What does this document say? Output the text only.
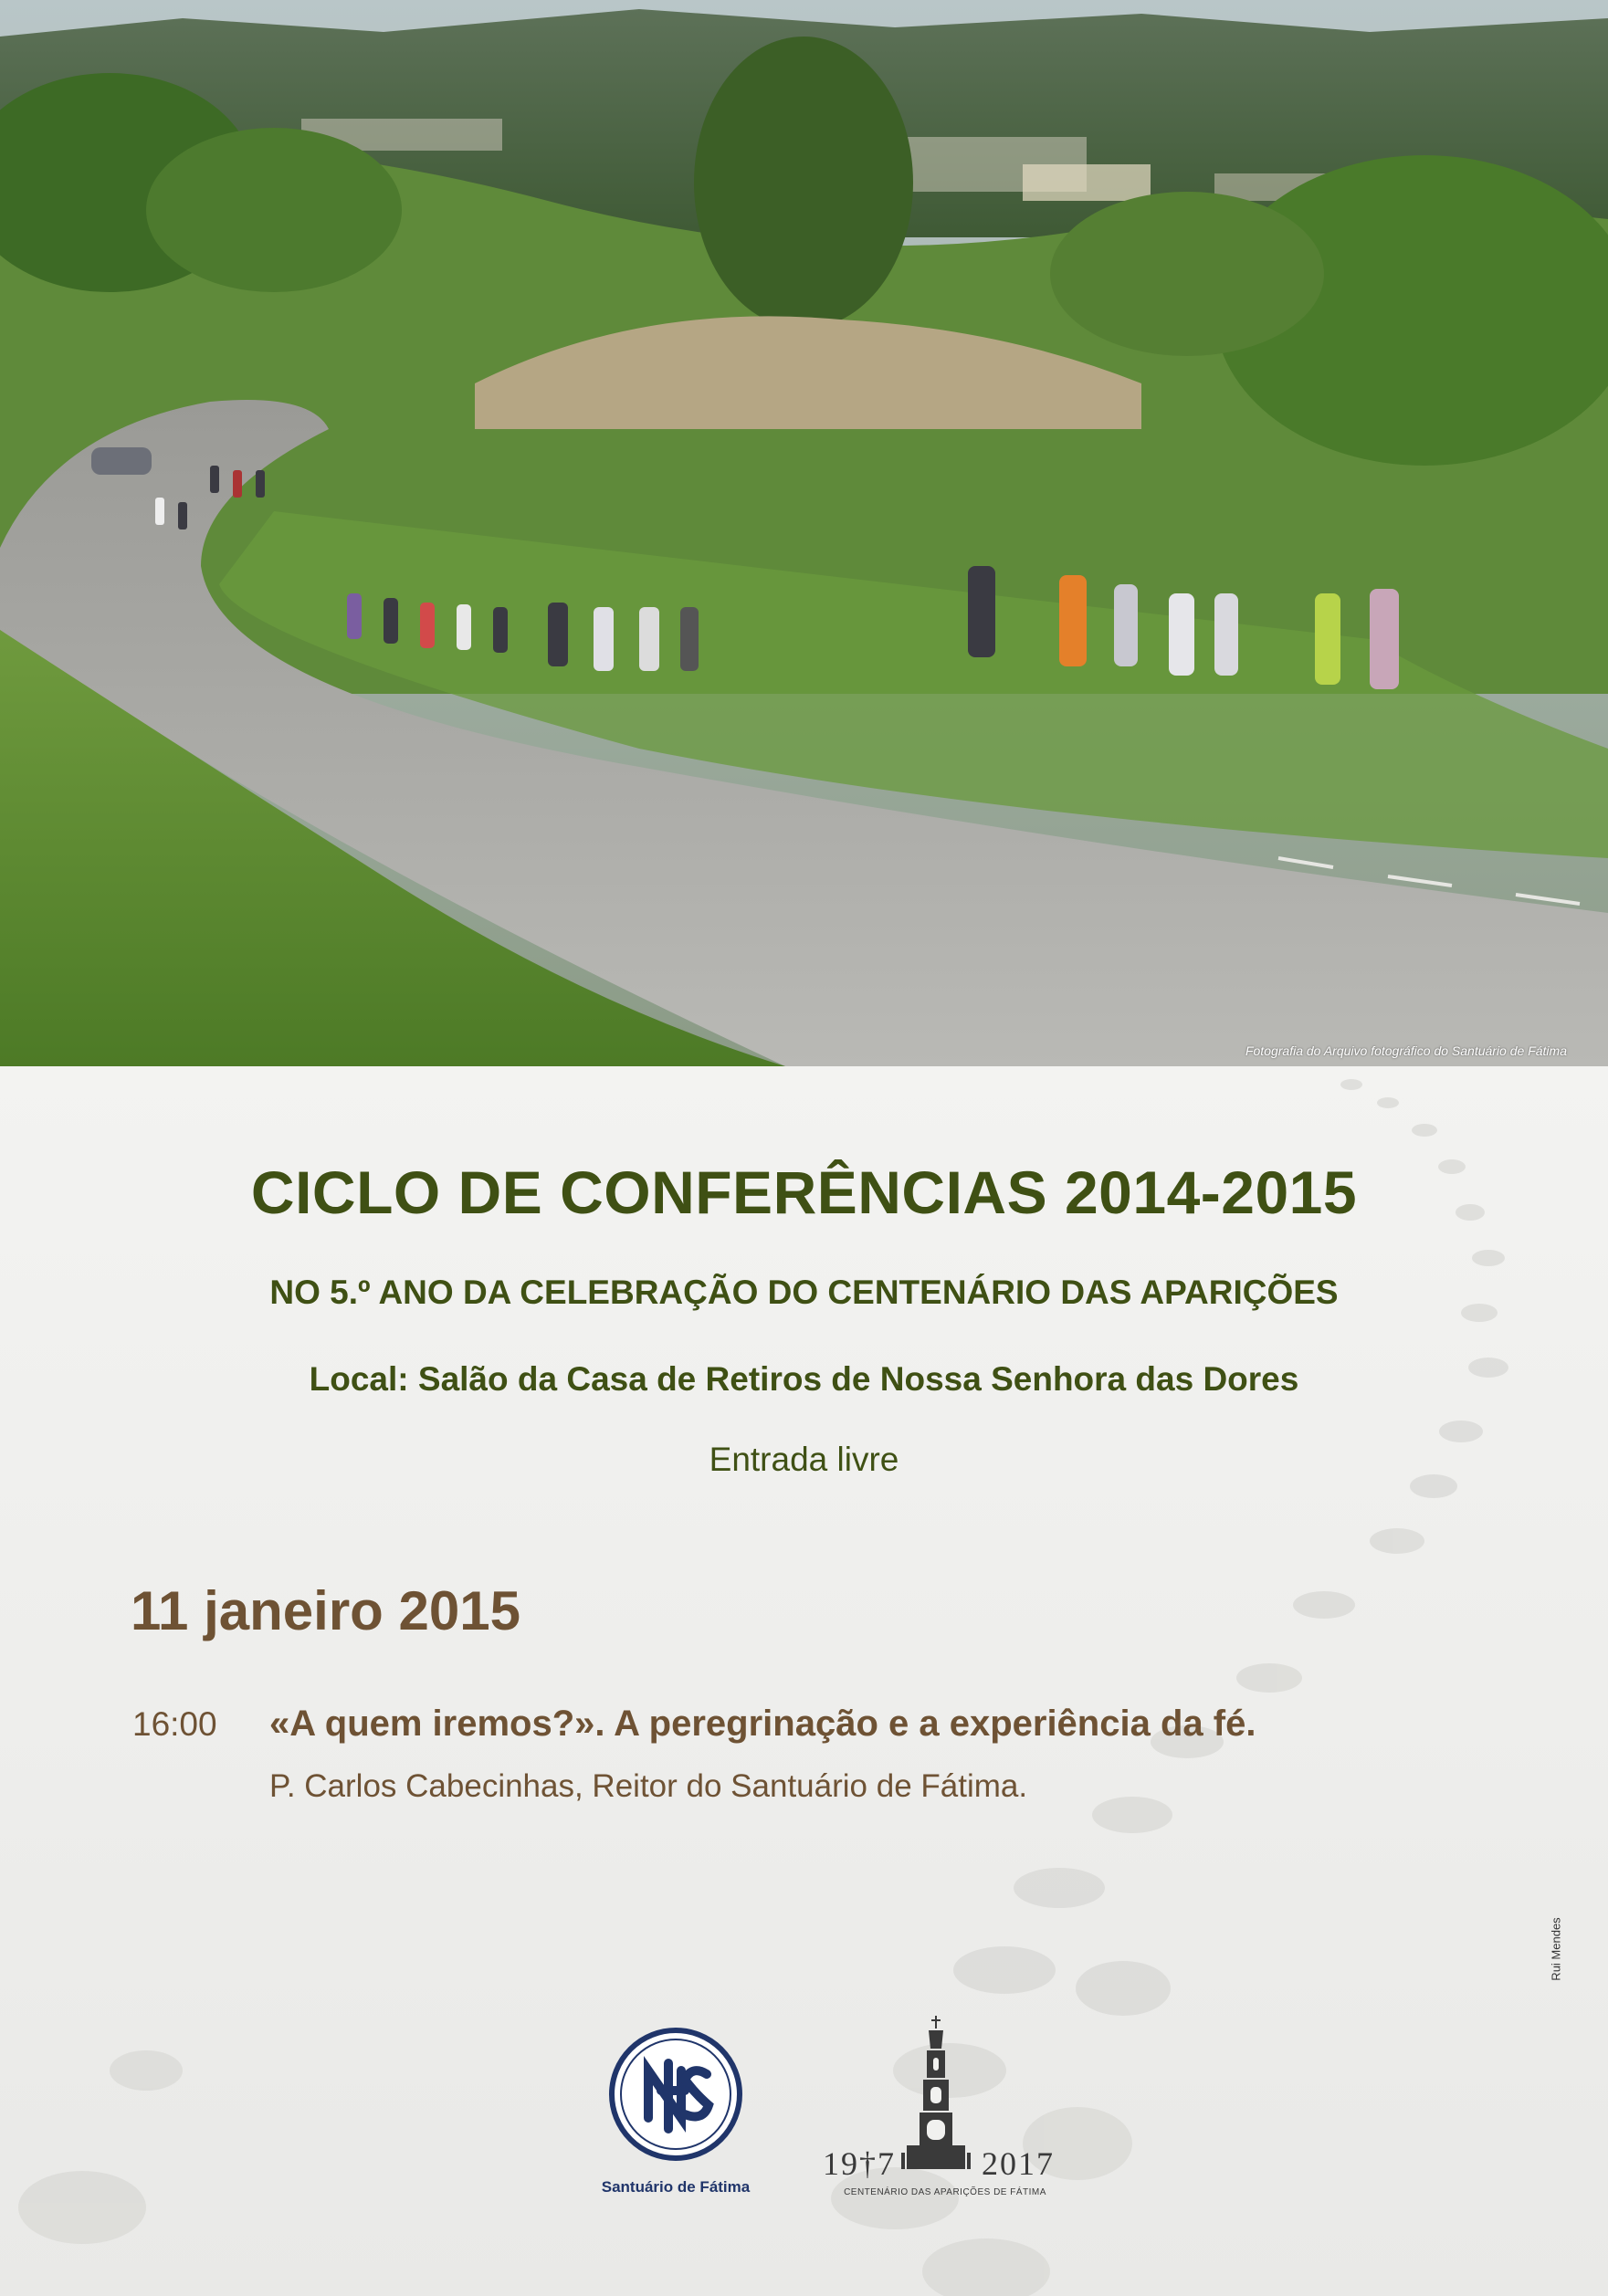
Fotografia do Arquivo fotográfico do Santuário de Fátima
CICLO DE CONFERÊNCIAS 2014-2015
NO 5.º ANO DA CELEBRAÇÃO DO CENTENÁRIO DAS APARIÇÕES
Local: Salão da Casa de Retiros de Nossa Senhora das Dores
Entrada livre
11 janeiro 2015
16:00 «A quem iremos?». A peregrinação e a experiência da fé.
P. Carlos Cabecinhas, Reitor do Santuário de Fátima.
Rui Mendes
Santuário de Fátima
19†7	2017
CENTENÁRIO DAS APARIÇÕES DE FÁTIMA
